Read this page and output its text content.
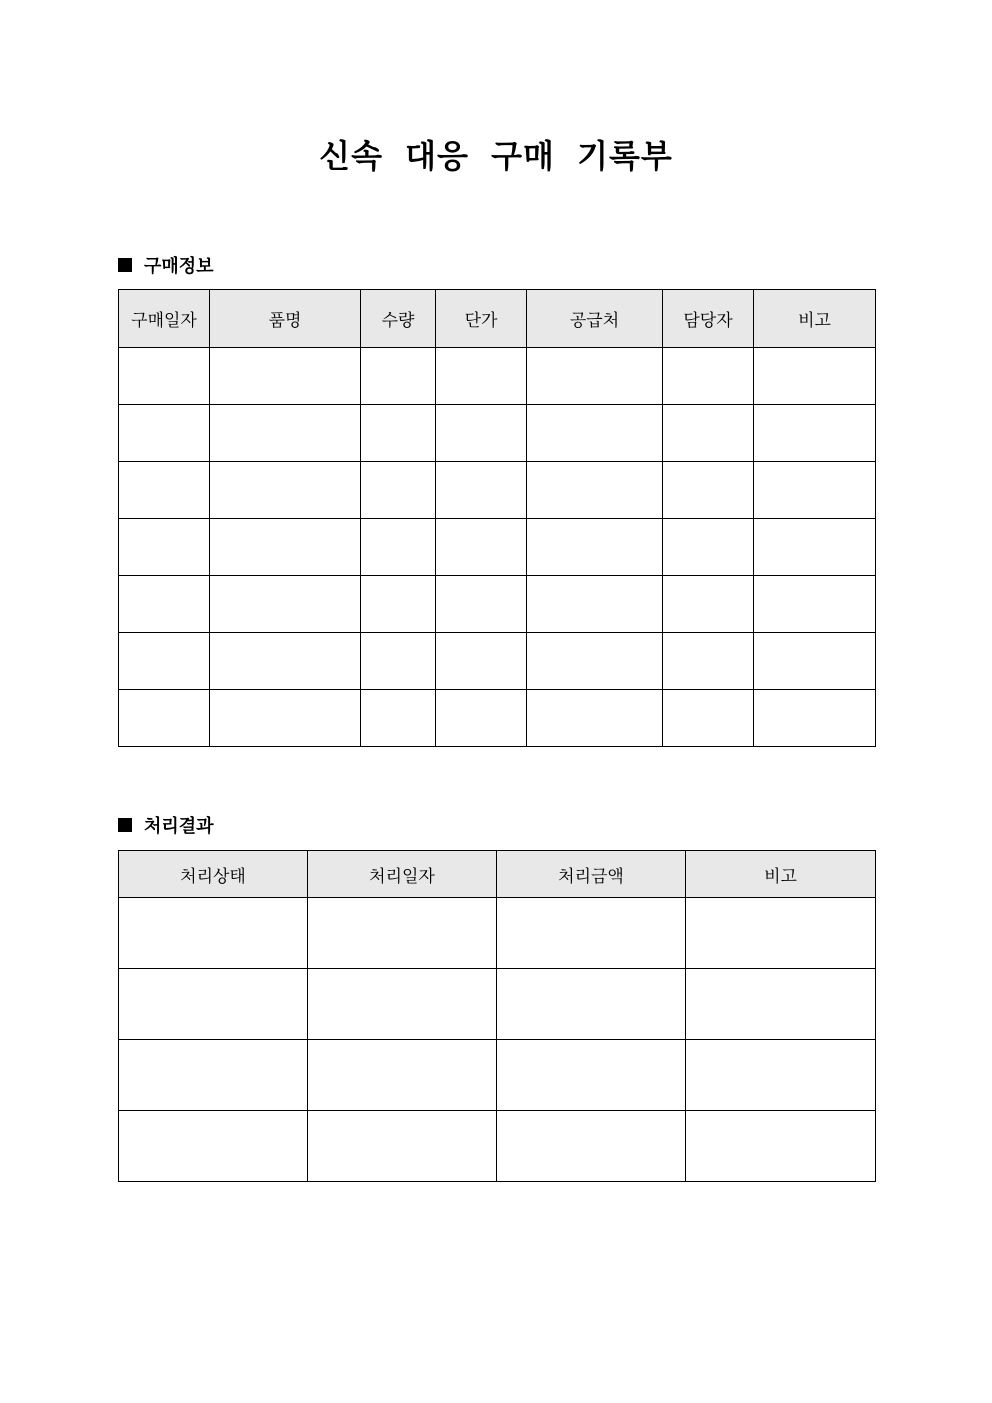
신속 대응 구매 기록부
구매정보
구매일자	품명	수량	단가	공급처	담당자	비고

처리결과
처리상태	처리일자	처리금액	비고
